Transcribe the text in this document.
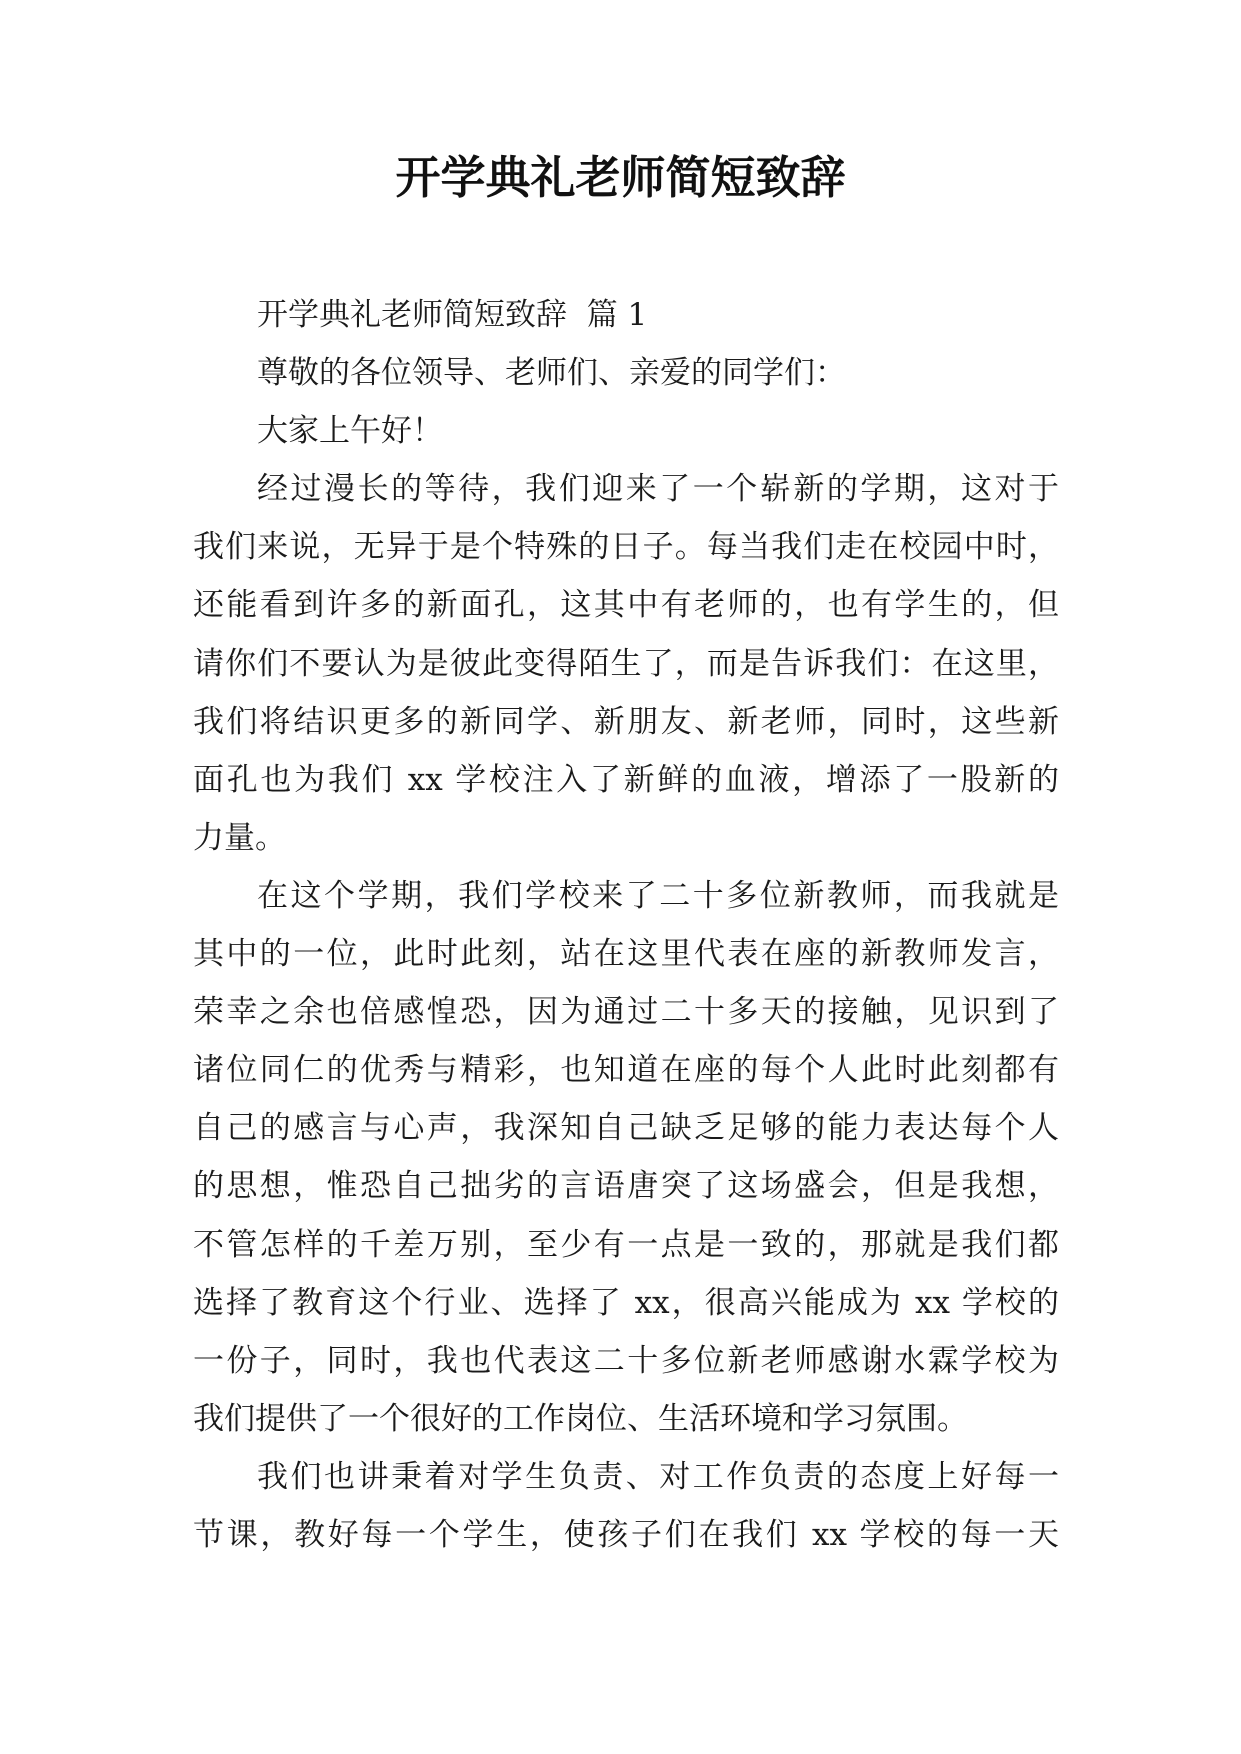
开学典礼老师简短致辞
开学典礼老师简短致辞  篇 1
尊敬的各位领导、老师们、亲爱的同学们：
大家上午好！
经过漫长的等待，我们迎来了一个崭新的学期，这对于
我们来说，无异于是个特殊的日子。每当我们走在校园中时，
还能看到许多的新面孔，这其中有老师的，也有学生的，但
请你们不要认为是彼此变得陌生了，而是告诉我们：在这里，
我们将结识更多的新同学、新朋友、新老师，同时，这些新
面孔也为我们 xx 学校注入了新鲜的血液，增添了一股新的
力量。
在这个学期，我们学校来了二十多位新教师，而我就是
其中的一位，此时此刻，站在这里代表在座的新教师发言，
荣幸之余也倍感惶恐，因为通过二十多天的接触，见识到了
诸位同仁的优秀与精彩，也知道在座的每个人此时此刻都有
自己的感言与心声，我深知自己缺乏足够的能力表达每个人
的思想，惟恐自己拙劣的言语唐突了这场盛会，但是我想，
不管怎样的千差万别，至少有一点是一致的，那就是我们都
选择了教育这个行业、选择了 xx，很高兴能成为 xx 学校的
一份子，同时，我也代表这二十多位新老师感谢水霖学校为
我们提供了一个很好的工作岗位、生活环境和学习氛围。
我们也讲秉着对学生负责、对工作负责的态度上好每一
节课，教好每一个学生，使孩子们在我们 xx 学校的每一天
